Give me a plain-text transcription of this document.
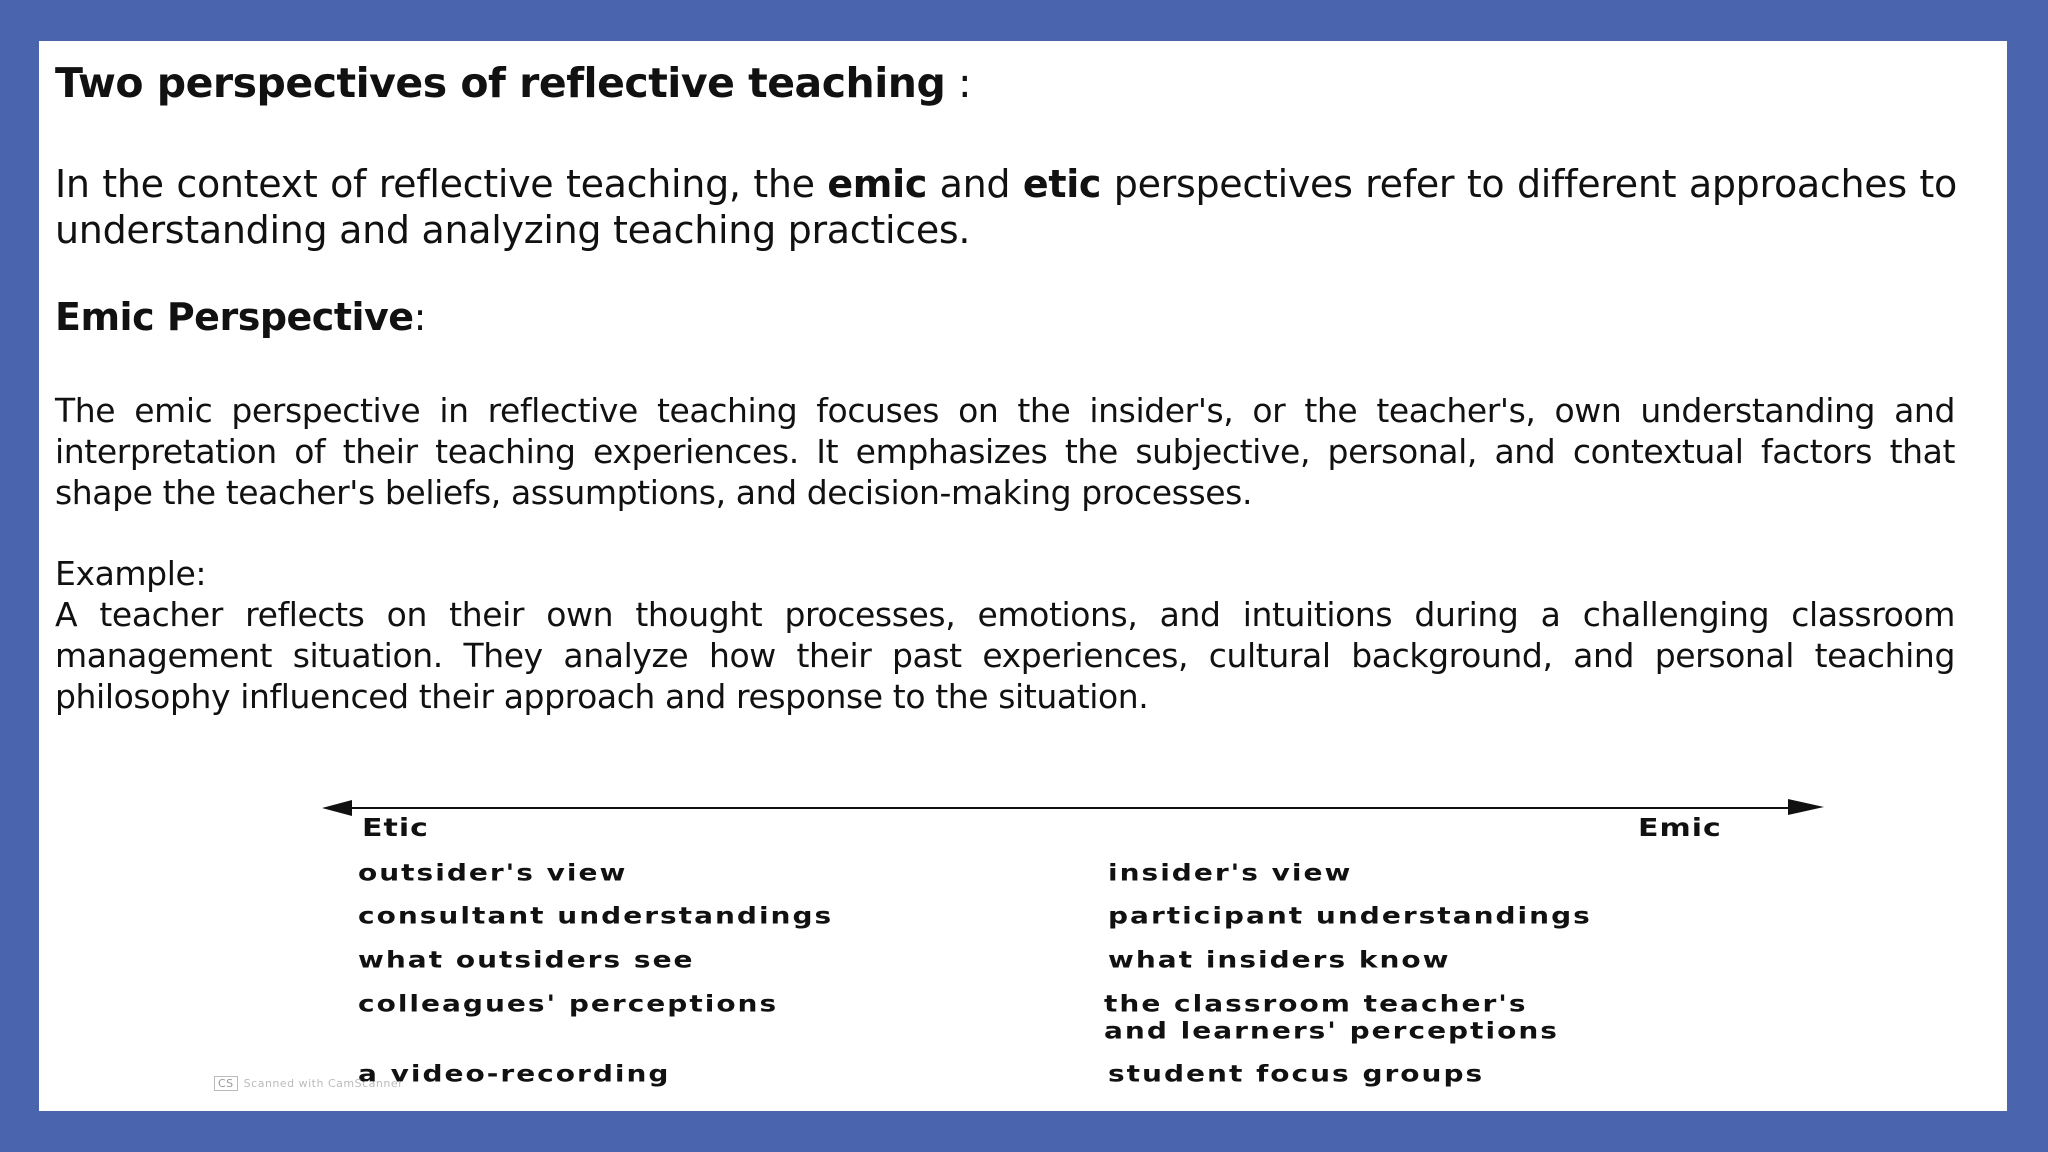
Two perspectives of reflective teaching :
In the context of reflective teaching, the emic and etic perspectives refer to different approaches to understanding and analyzing teaching practices.
Emic Perspective:
The emic perspective in reflective teaching focuses on the insider's, or the teacher's, own understanding and interpretation of their teaching experiences. It emphasizes the subjective, personal, and contextual factors that shape the teacher's beliefs, assumptions, and decision-making processes.
Example:
A teacher reflects on their own thought processes, emotions, and intuitions during a challenging classroom management situation. They analyze how their past experiences, cultural background, and personal teaching philosophy influenced their approach and response to the situation.
Etic	Emic
outsider's view	insider's view
consultant understandings	participant understandings
what outsiders see	what insiders know
colleagues' perceptions	the classroom teacher's
and learners' perceptions
a video-recording	student focus groups
CS Scanned with CamScanner
